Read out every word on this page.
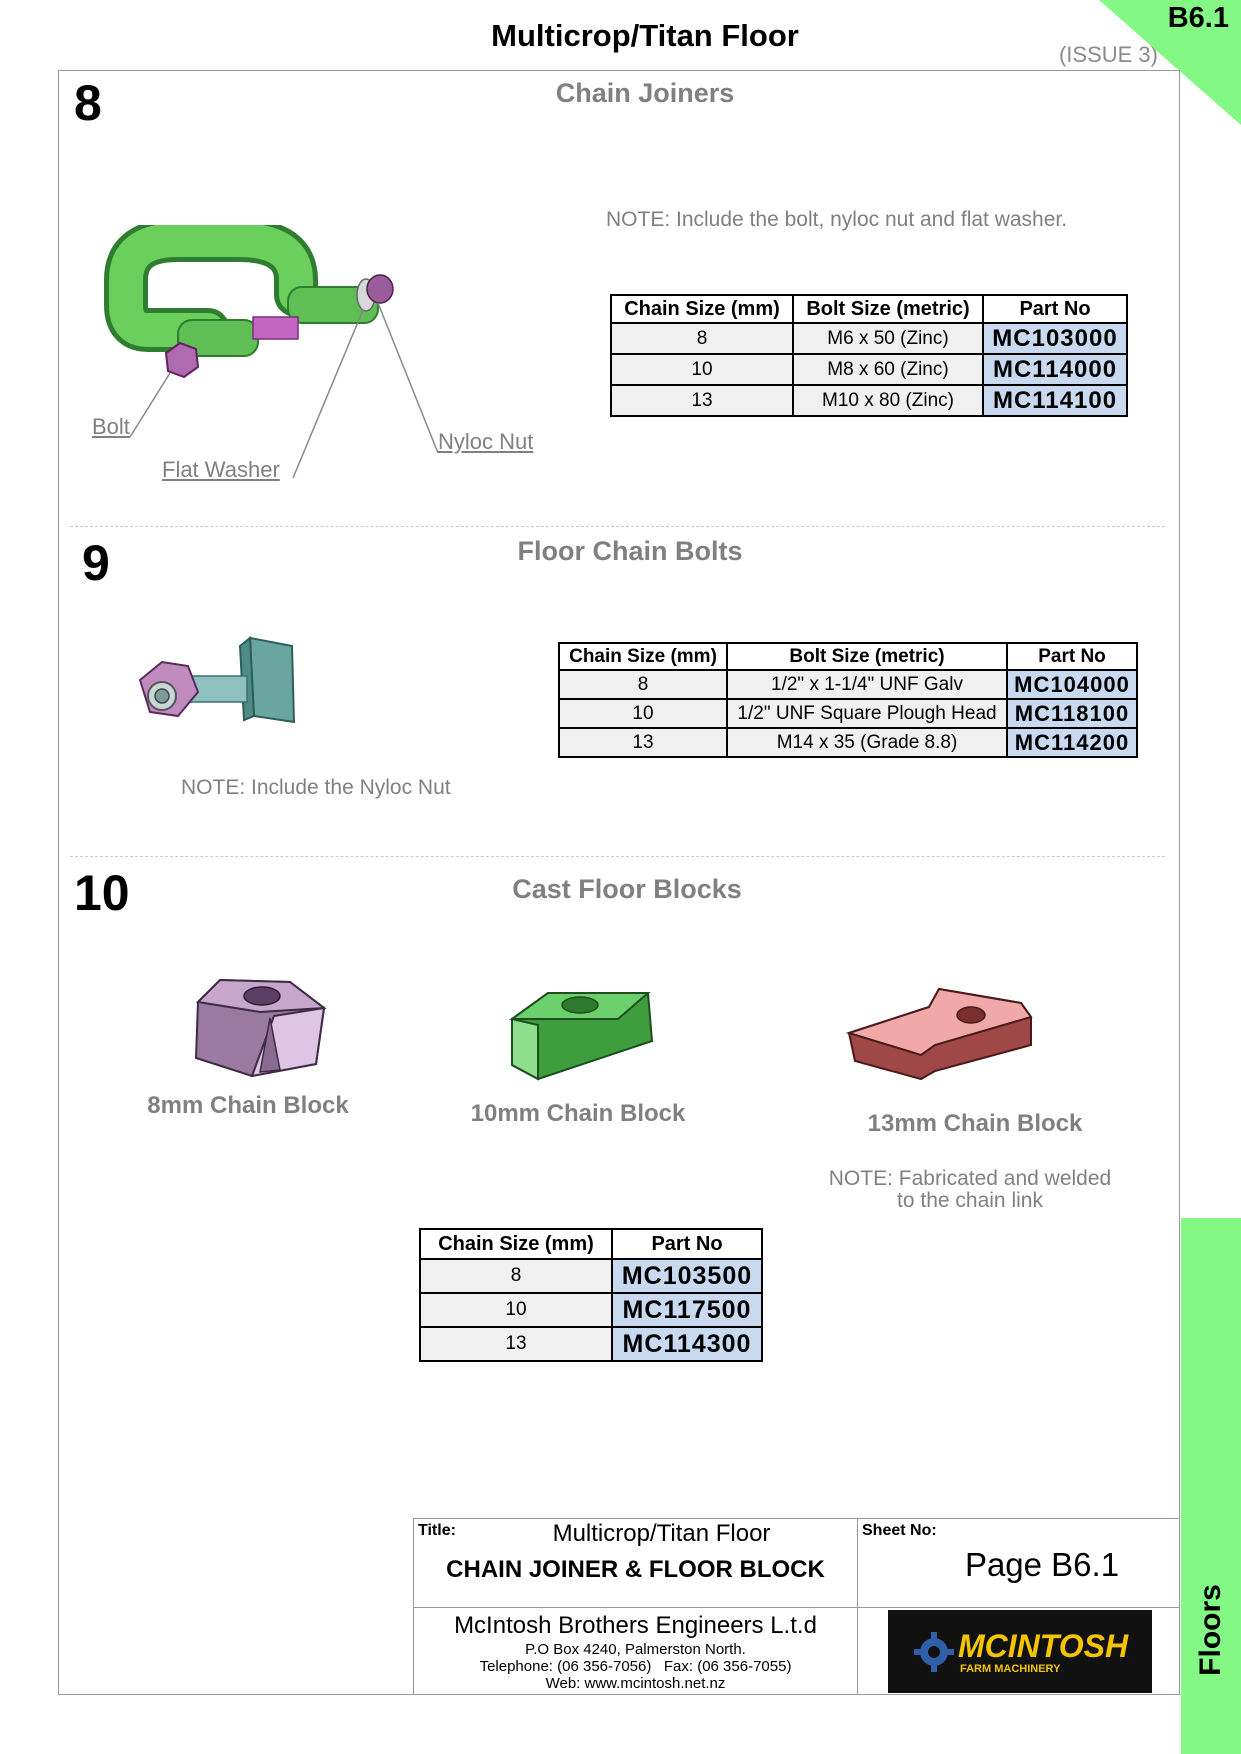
Multicrop/Titan Floor
(ISSUE 3)
B6.1
Floors
8	Chain Joiners
NOTE: Include the bolt, nyloc nut and flat washer.
Bolt
Flat Washer
Nyloc Nut
Chain Size (mm)	Bolt Size (metric)	Part No
8	M6 x 50 (Zinc)	MC103000
10	M8 x 60 (Zinc)	MC114000
13	M10 x 80 (Zinc)	MC114100
9	Floor Chain Bolts
NOTE: Include the Nyloc Nut
Chain Size (mm)	Bolt Size (metric)	Part No
8	1/2" x 1-1/4" UNF Galv	MC104000
10	1/2" UNF Square Plough Head	MC118100
13	M14 x 35 (Grade 8.8)	MC114200
10	Cast Floor Blocks
8mm Chain Block	10mm Chain Block	13mm Chain Block
NOTE: Fabricated and welded
to the chain link
Chain Size (mm)	Part No
8	MC103500
10	MC117500
13	MC114300
Title:	Multicrop/Titan Floor
CHAIN JOINER & FLOOR BLOCK
Sheet No:
Page B6.1
McIntosh Brothers Engineers L.t.d
P.O Box 4240, Palmerston North.
Telephone: (06 356-7056)   Fax: (06 356-7055)
Web: www.mcintosh.net.nz
MCINTOSH
FARM MACHINERY
